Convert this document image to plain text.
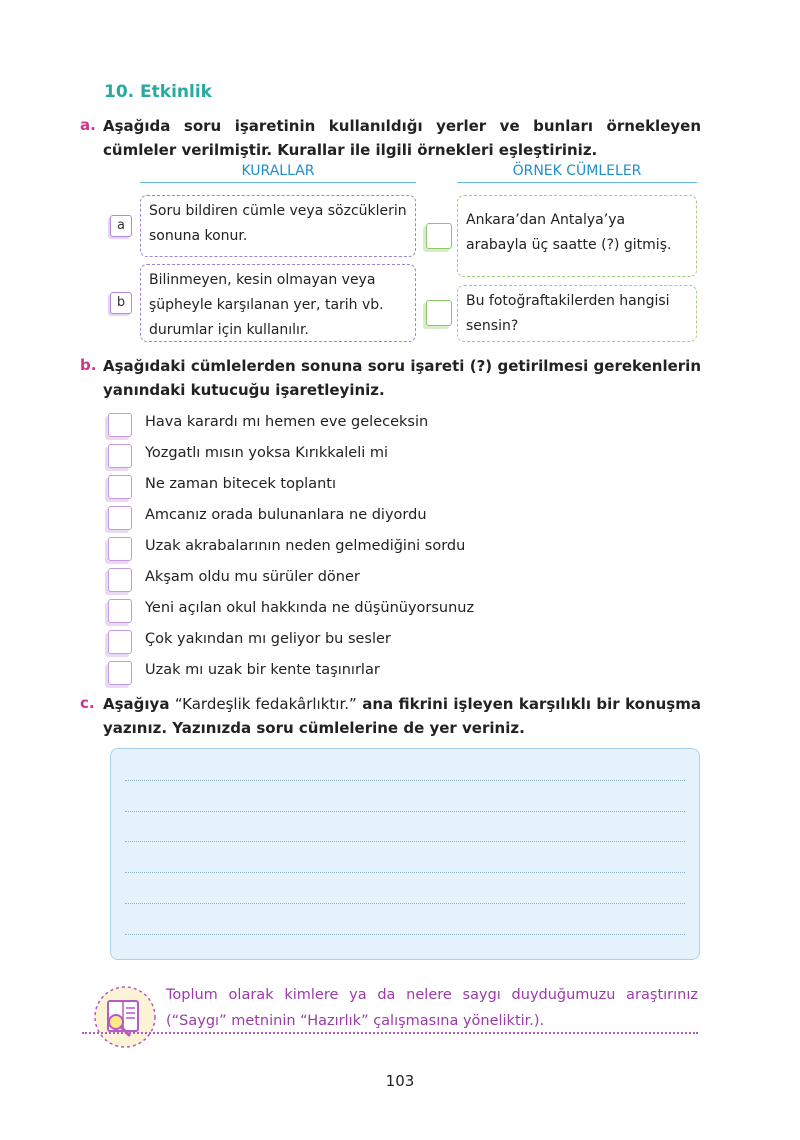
10. Etkinlik
a. Aşağıda soru işaretinin kullanıldığı yerler ve bunları örnekleyen cümleler verilmiştir. Kurallar ile ilgili örnekleri eşleştiriniz.
KURALLAR	ÖRNEK CÜMLELER
a
Soru bildiren cümle veya sözcüklerin sonuna konur.
b
Bilinmeyen, kesin olmayan veya şüpheyle karşılanan yer, tarih vb. durumlar için kullanılır.
Ankara’dan Antalya’ya arabayla üç saatte (?) gitmiş.
Bu fotoğraftakilerden hangisi sensin?
b. Aşağıdaki cümlelerden sonuna soru işareti (?) getirilmesi gerekenlerin yanındaki kutucuğu işaretleyiniz.
Hava karardı mı hemen eve geleceksin
Yozgatlı mısın yoksa Kırıkkaleli mi
Ne zaman bitecek toplantı
Amcanız orada bulunanlara ne diyordu
Uzak akrabalarının neden gelmediğini sordu
Akşam oldu mu sürüler döner
Yeni açılan okul hakkında ne düşünüyorsunuz
Çok yakından mı geliyor bu sesler
Uzak mı uzak bir kente taşınırlar
c. Aşağıya “Kardeşlik fedakârlıktır.” ana fikrini işleyen karşılıklı bir konuşma yazınız. Yazınızda soru cümlelerine de yer veriniz.
Toplum olarak kimlere ya da nelere saygı duyduğumuzu araştırınız (“Saygı” metninin “Hazırlık” çalışmasına yöneliktir.).
103
